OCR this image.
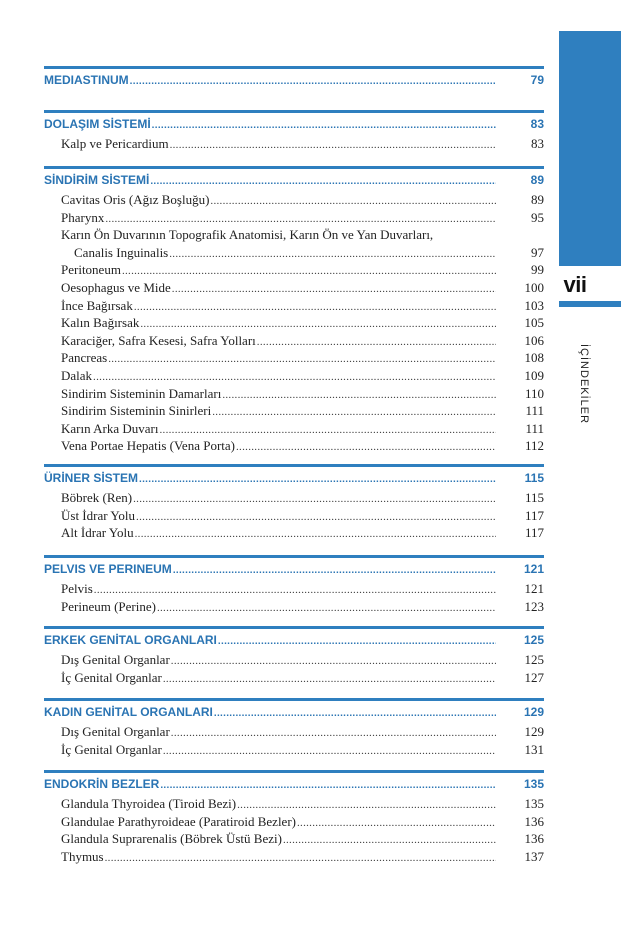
vii
İÇİNDEKİLER
MEDIASTINUM .....	79
DOLAŞIM SİSTEMİ .....	83
Kalp ve Pericardium .....	83
SİNDİRİM SİSTEMİ .....	89
Cavitas Oris (Ağız Boşluğu) .....	89
Pharynx .....	95
Karın Ön Duvarının Topografik Anatomisi, Karın Ön ve Yan Duvarları,
Canalis Inguinalis .....	97
Peritoneum .....	99
Oesophagus ve Mide .....	100
İnce Bağırsak .....	103
Kalın Bağırsak .....	105
Karaciğer, Safra Kesesi, Safra Yolları .....	106
Pancreas .....	108
Dalak .....	109
Sindirim Sisteminin Damarları .....	110
Sindirim Sisteminin Sinirleri .....	111
Karın Arka Duvarı .....	111
Vena Portae Hepatis (Vena Porta) .....	112
ÜRİNER SİSTEM .....	115
Böbrek (Ren) .....	115
Üst İdrar Yolu .....	117
Alt İdrar Yolu .....	117
PELVIS VE PERINEUM .....	121
Pelvis .....	121
Perineum (Perine) .....	123
ERKEK GENİTAL ORGANLARI .....	125
Dış Genital Organlar .....	125
İç Genital Organlar .....	127
KADIN GENİTAL ORGANLARI .....	129
Dış Genital Organlar .....	129
İç Genital Organlar .....	131
ENDOKRİN BEZLER .....	135
Glandula Thyroidea (Tiroid Bezi) .....	135
Glandulae Parathyroideae (Paratiroid Bezler) .....	136
Glandula Suprarenalis (Böbrek Üstü Bezi) .....	136
Thymus .....	137
